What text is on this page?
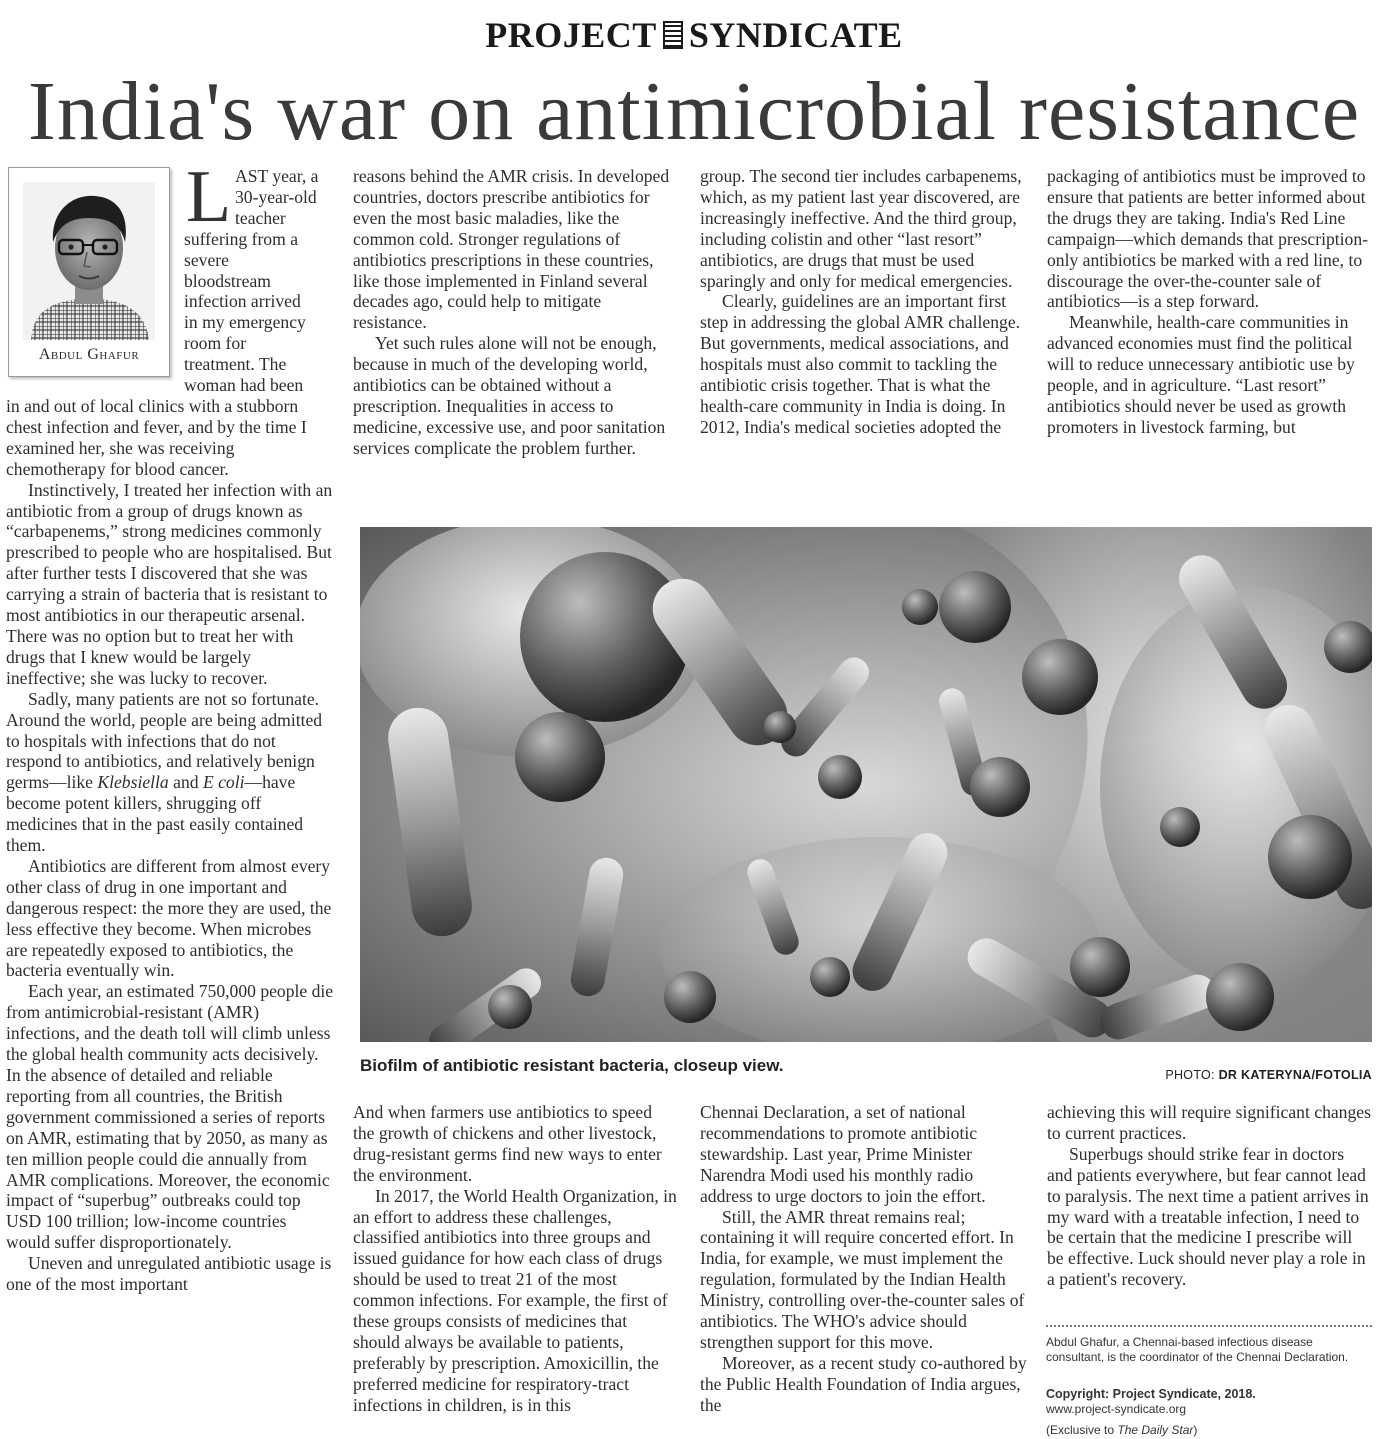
PROJECT SYNDICATE
India's war on antimicrobial resistance
Abdul Ghafur
L AST year, a
30-year-old
teacher
suffering from a
severe
bloodstream
infection arrived
in my emergency
room for
treatment. The
woman had been

in and out of local clinics with a stubborn chest infection and fever, and by the time I examined her, she was receiving chemotherapy for blood cancer.

Instinctively, I treated her infection with an antibiotic from a group of drugs known as “carbapenems,” strong medicines commonly prescribed to people who are hospitalised. But after further tests I discovered that she was carrying a strain of bacteria that is resistant to most antibiotics in our therapeutic arsenal. There was no option but to treat her with drugs that I knew would be largely ineffective; she was lucky to recover.

Sadly, many patients are not so fortunate. Around the world, people are being admitted to hospitals with infections that do not respond to antibiotics, and relatively benign germs—like Klebsiella and E coli—have become potent killers, shrugging off medicines that in the past easily contained them.

Antibiotics are different from almost every other class of drug in one important and dangerous respect: the more they are used, the less effective they become. When microbes are repeatedly exposed to antibiotics, the bacteria eventually win.

Each year, an estimated 750,000 people die from antimicrobial-resistant (AMR) infections, and the death toll will climb unless the global health community acts decisively. In the absence of detailed and reliable reporting from all countries, the British government commissioned a series of reports on AMR, estimating that by 2050, as many as ten million people could die annually from AMR complications. Moreover, the economic impact of “superbug” outbreaks could top USD 100 trillion; low-income countries would suffer disproportionately.

Uneven and unregulated antibiotic usage is one of the most important

reasons behind the AMR crisis. In developed countries, doctors prescribe antibiotics for even the most basic maladies, like the common cold. Stronger regulations of antibiotics prescriptions in these countries, like those implemented in Finland several decades ago, could help to mitigate resistance.

Yet such rules alone will not be enough, because in much of the developing world, antibiotics can be obtained without a prescription. Inequalities in access to medicine, excessive use, and poor sanitation services complicate the problem further.

group. The second tier includes carbapenems, which, as my patient last year discovered, are increasingly ineffective. And the third group, including colistin and other “last resort” antibiotics, are drugs that must be used sparingly and only for medical emergencies.

Clearly, guidelines are an important first step in addressing the global AMR challenge. But governments, medical associations, and hospitals must also commit to tackling the antibiotic crisis together. That is what the health-care community in India is doing. In 2012, India's medical societies adopted the

packaging of antibiotics must be improved to ensure that patients are better informed about the drugs they are taking. India's Red Line campaign—which demands that prescription-only antibiotics be marked with a red line, to discourage the over-the-counter sale of antibiotics—is a step forward.

Meanwhile, health-care communities in advanced economies must find the political will to reduce unnecessary antibiotic use by people, and in agriculture. “Last resort” antibiotics should never be used as growth promoters in livestock farming, but

Biofilm of antibiotic resistant bacteria, closeup view.	PHOTO: DR KATERYNA/FOTOLIA

And when farmers use antibiotics to speed the growth of chickens and other livestock, drug-resistant germs find new ways to enter the environment.

In 2017, the World Health Organization, in an effort to address these challenges, classified antibiotics into three groups and issued guidance for how each class of drugs should be used to treat 21 of the most common infections. For example, the first of these groups consists of medicines that should always be available to patients, preferably by prescription. Amoxicillin, the preferred medicine for respiratory-tract infections in children, is in this

Chennai Declaration, a set of national recommendations to promote antibiotic stewardship. Last year, Prime Minister Narendra Modi used his monthly radio address to urge doctors to join the effort.

Still, the AMR threat remains real; containing it will require concerted effort. In India, for example, we must implement the regulation, formulated by the Indian Health Ministry, controlling over-the-counter sales of antibiotics. The WHO's advice should strengthen support for this move.

Moreover, as a recent study co-authored by the Public Health Foundation of India argues, the

achieving this will require significant changes to current practices.

Superbugs should strike fear in doctors and patients everywhere, but fear cannot lead to paralysis. The next time a patient arrives in my ward with a treatable infection, I need to be certain that the medicine I prescribe will be effective. Luck should never play a role in a patient's recovery.

Abdul Ghafur, a Chennai-based infectious disease consultant, is the coordinator of the Chennai Declaration.
Copyright: Project Syndicate, 2018.
www.project-syndicate.org
(Exclusive to The Daily Star)
